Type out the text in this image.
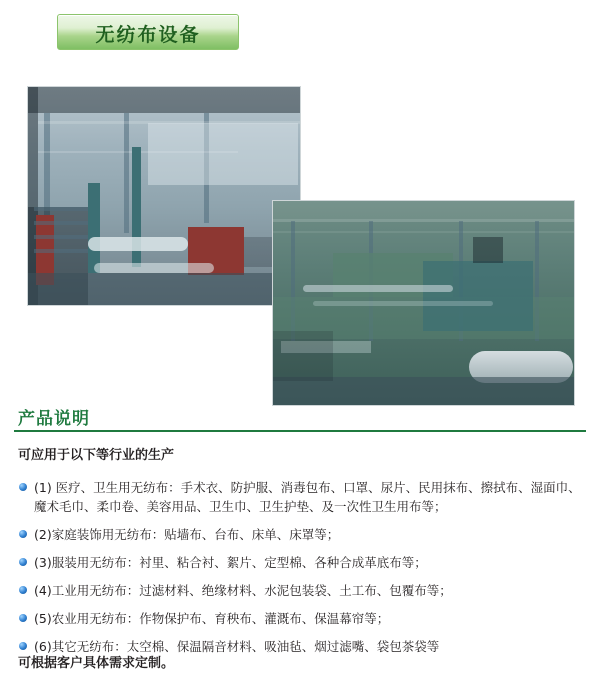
无纺布设备
产品说明
可应用于以下等行业的生产
(1) 医疗、卫生用无纺布：手术衣、防护服、消毒包布、口罩、尿片、民用抹布、擦拭布、湿面巾、魔术毛巾、柔巾卷、美容用品、卫生巾、卫生护垫、及一次性卫生用布等；
(2)家庭装饰用无纺布：贴墙布、台布、床单、床罩等；
(3)服装用无纺布：衬里、粘合衬、絮片、定型棉、各种合成革底布等；
(4)工业用无纺布：过滤材料、绝缘材料、水泥包装袋、土工布、包覆布等；
(5)农业用无纺布：作物保护布、育秧布、灌溉布、保温幕帘等；
(6)其它无纺布：太空棉、保温隔音材料、吸油毡、烟过滤嘴、袋包茶袋等
可根据客户具体需求定制。
